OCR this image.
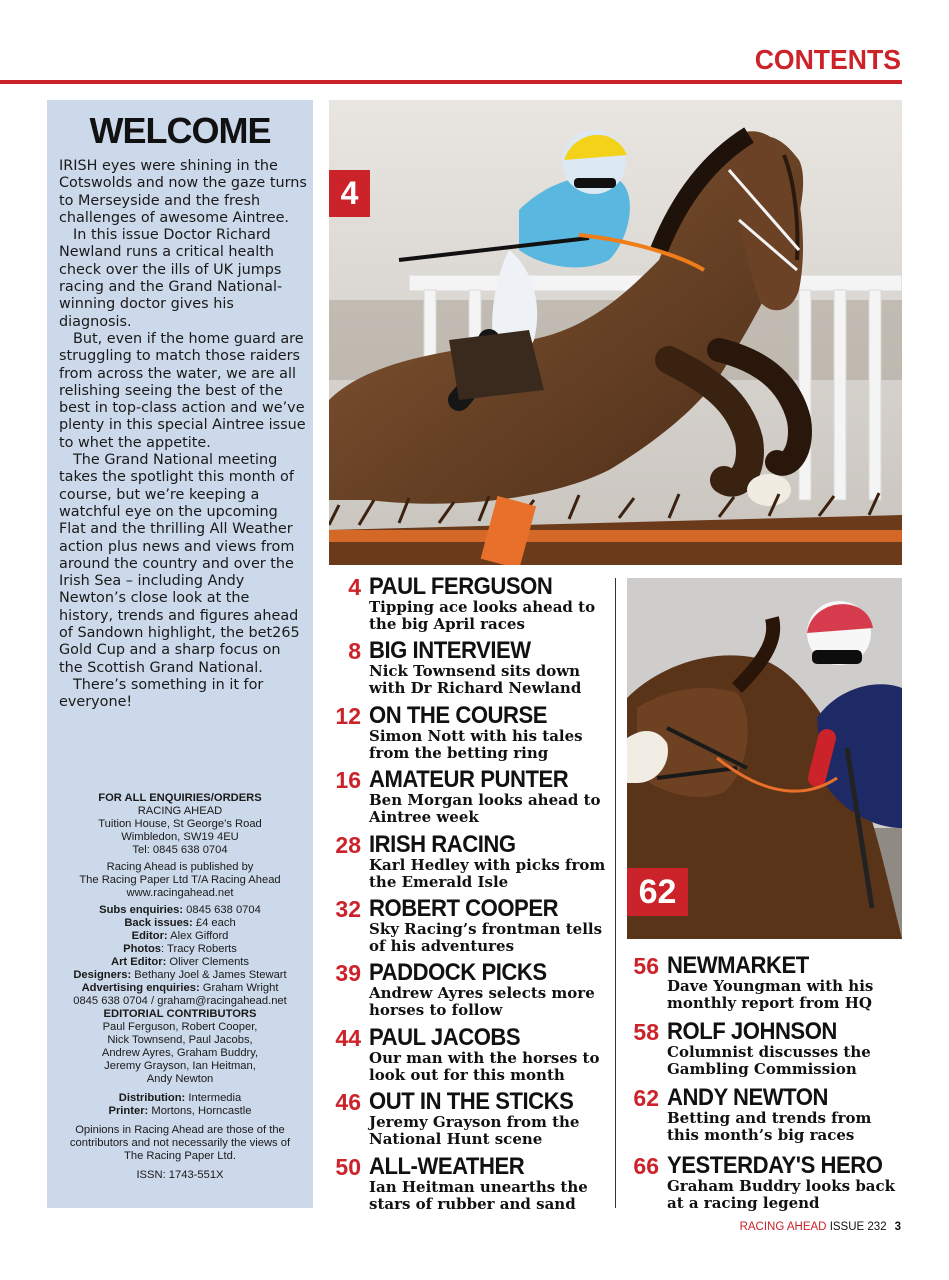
CONTENTS
WELCOME

IRISH eyes were shining in the Cotswolds and now the gaze turns to Merseyside and the fresh challenges of awesome Aintree.

In this issue Doctor Richard Newland runs a critical health check over the ills of UK jumps racing and the Grand National-winning doctor gives his diagnosis.

But, even if the home guard are struggling to match those raiders from across the water, we are all relishing seeing the best of the best in top-class action and we’ve plenty in this special Aintree issue to whet the appetite.

The Grand National meeting takes the spotlight this month of course, but we’re keeping a watchful eye on the upcoming Flat and the thrilling All Weather action plus news and views from around the country and over the Irish Sea – including Andy Newton’s close look at the history, trends and figures ahead of Sandown highlight, the bet265 Gold Cup and a sharp focus on the Scottish Grand National.

There’s something in it for everyone!

FOR ALL ENQUIRIES/ORDERS
RACING AHEAD
Tuition House, St George’s Road
Wimbledon, SW19 4EU
Tel: 0845 638 0704
Racing Ahead is published by
The Racing Paper Ltd T/A Racing Ahead
www.racingahead.net
Subs enquiries: 0845 638 0704
Back issues: £4 each
Editor: Alex Gifford
Photos: Tracy Roberts
Art Editor: Oliver Clements
Designers: Bethany Joel & James Stewart
Advertising enquiries: Graham Wright
0845 638 0704 / graham@racingahead.net
EDITORIAL CONTRIBUTORS
Paul Ferguson, Robert Cooper,
Nick Townsend, Paul Jacobs,
Andrew Ayres, Graham Buddry,
Jeremy Grayson, Ian Heitman,
Andy Newton
Distribution: Intermedia
Printer: Mortons, Horncastle
Opinions in Racing Ahead are those of the
contributors and not necessarily the views of
The Racing Paper Ltd.
ISSN: 1743-551X
4
62
4 PAUL FERGUSON
Tipping ace looks ahead to the big April races
8 BIG INTERVIEW
Nick Townsend sits down with Dr Richard Newland
12 ON THE COURSE
Simon Nott with his tales from the betting ring
16 AMATEUR PUNTER
Ben Morgan looks ahead to Aintree week
28 IRISH RACING
Karl Hedley with picks from the Emerald Isle
32 ROBERT COOPER
Sky Racing’s frontman tells of his adventures
39 PADDOCK PICKS
Andrew Ayres selects more horses to follow
44 PAUL JACOBS
Our man with the horses to look out for this month
46 OUT IN THE STICKS
Jeremy Grayson from the National Hunt scene
50 ALL-WEATHER
Ian Heitman unearths the stars of rubber and sand
56 NEWMARKET
Dave Youngman with his monthly report from HQ
58 ROLF JOHNSON
Columnist discusses the Gambling Commission
62 ANDY NEWTON
Betting and trends from this month’s big races
66 YESTERDAY'S HERO
Graham Buddry looks back at a racing legend
RACING AHEAD ISSUE 232 3
